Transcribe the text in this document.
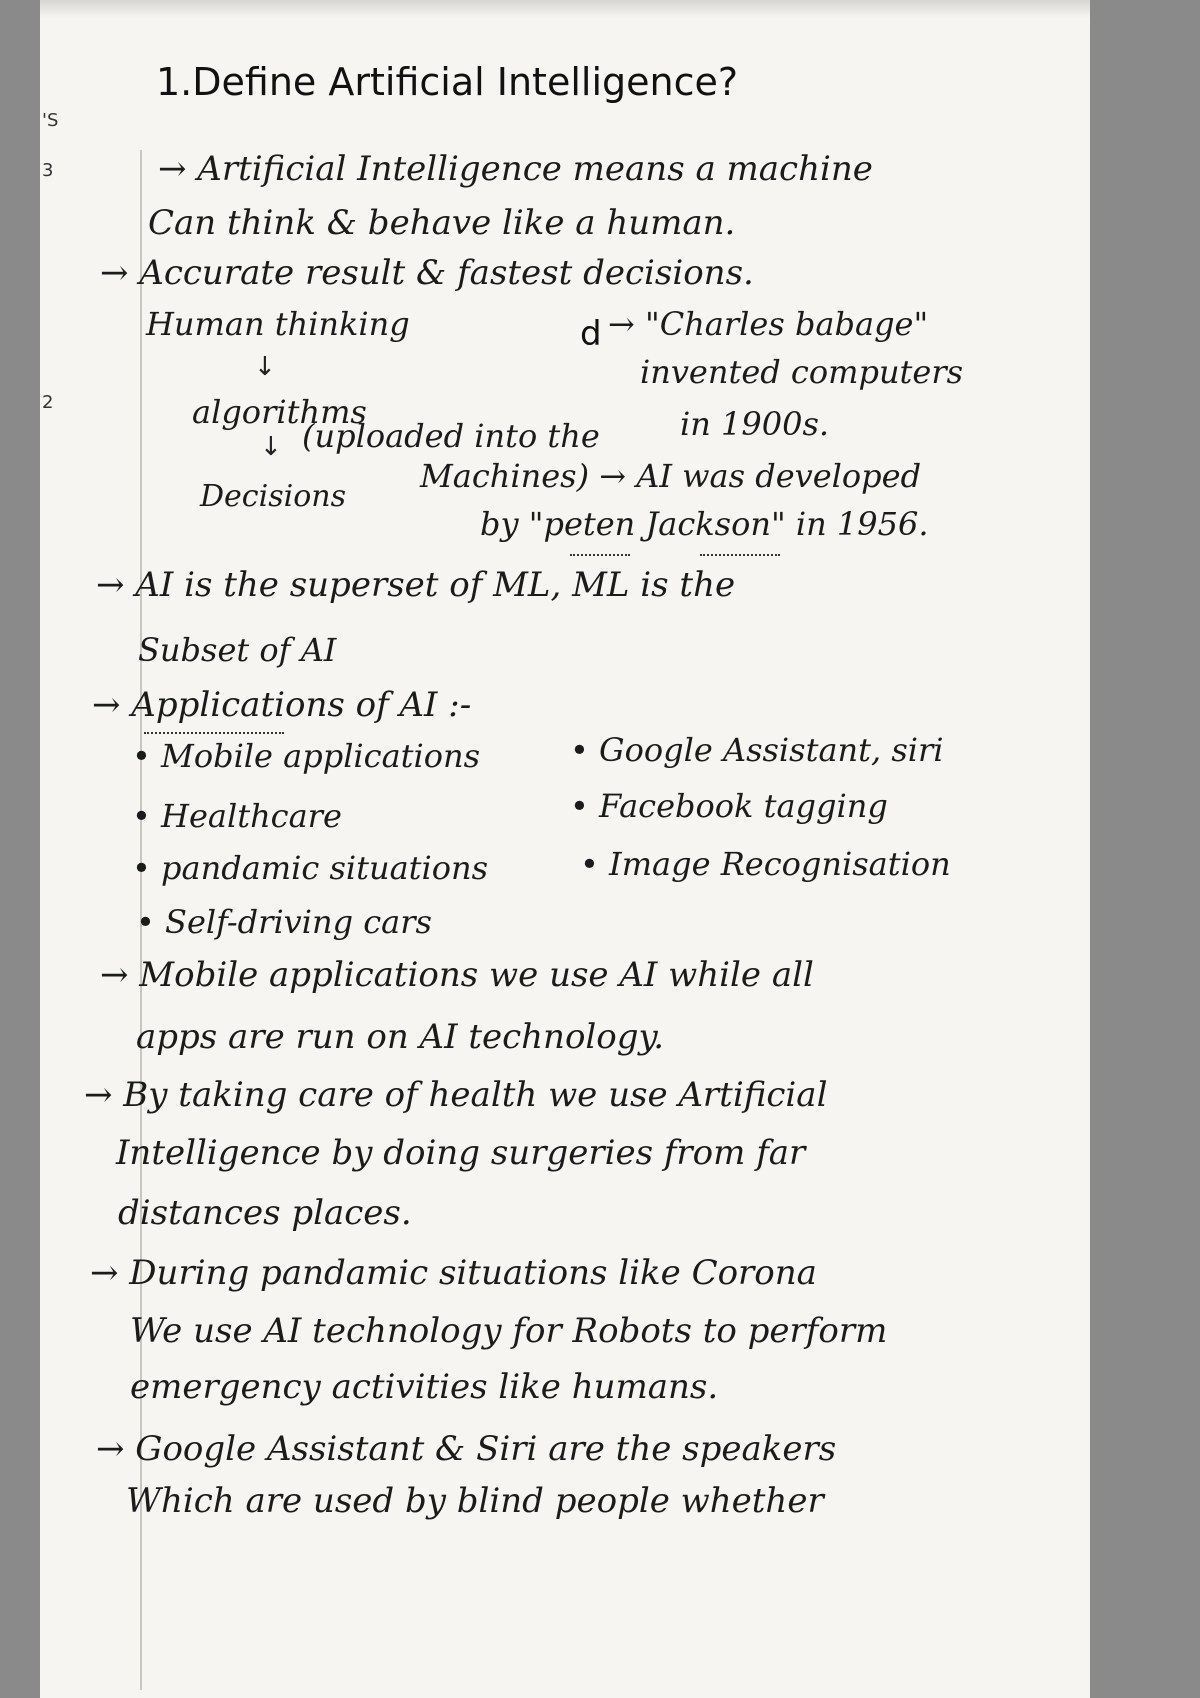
'S
3
2
1.Define Artificial Intelligence?
→ Artificial Intelligence means a machine
Can think & behave like a human.
→ Accurate result & fastest decisions.
Human thinking	d → "Charles babage"
↓	invented computers
algorithms	in 1900s.
↓ (uploaded into the
Decisions
Machines) → AI was developed
by "peten Jackson" in 1956.
→ AI is the superset of ML, ML is the
Subset of AI
→ Applications of AI :-
• Mobile applications	• Google Assistant, siri
• Healthcare	• Facebook tagging
• pandamic situations	• Image Recognisation
• Self-driving cars
→ Mobile applications we use AI while all
apps are run on AI technology.
→ By taking care of health we use Artificial
Intelligence by doing surgeries from far
distances places.
→ During pandamic situations like Corona
We use AI technology for Robots to perform
emergency activities like humans.
→ Google Assistant & Siri are the speakers
Which are used by blind people whether
